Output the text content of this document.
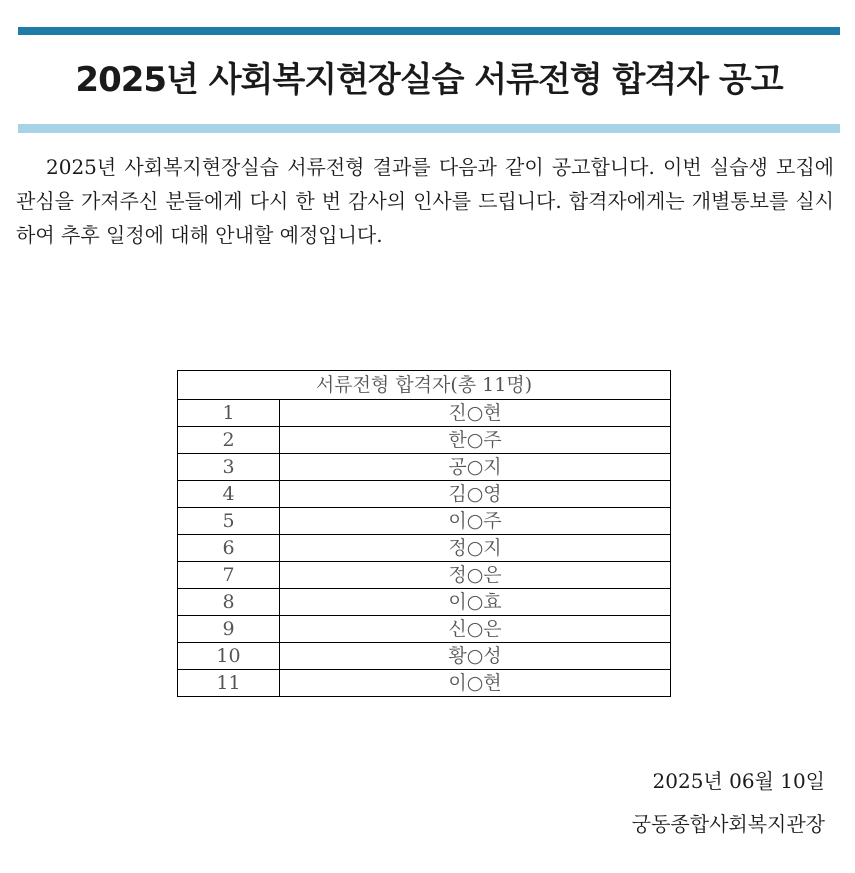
2025년 사회복지현장실습 서류전형 합격자 공고

2025년 사회복지현장실습 서류전형 결과를 다음과 같이 공고합니다. 이번 실습생 모집에 관심을 가져주신 분들에게 다시 한 번 감사의 인사를 드립니다. 합격자에게는 개별통보를 실시하여 추후 일정에 대해 안내할 예정입니다.

서류전형 합격자(총 11명)	
1	진○현
2	한○주
3	공○지
4	김○영
5	이○주
6	정○지
7	정○은
8	이○효
9	신○은
10	황○성
11	이○현
2025년 06월 10일
궁동종합사회복지관장
